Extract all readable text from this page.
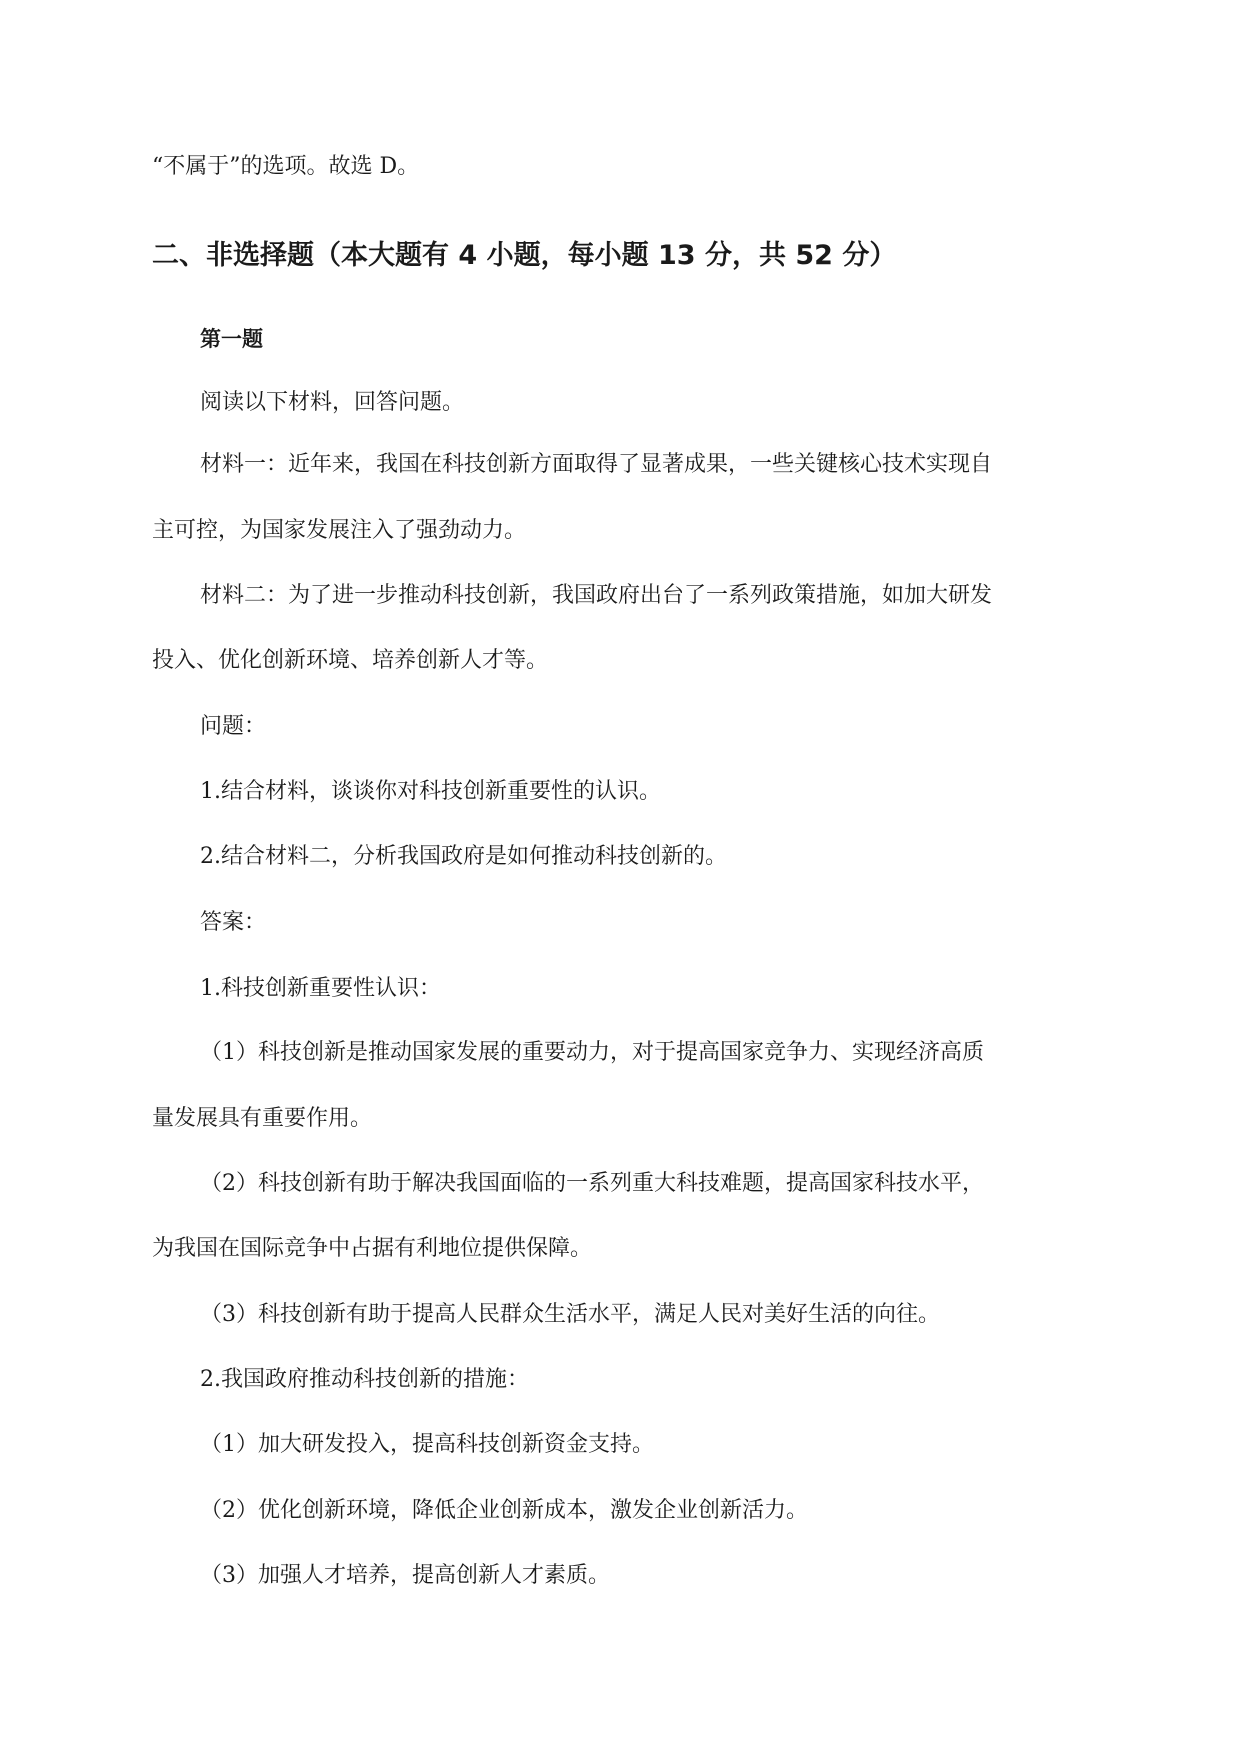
“不属于”的选项。故选 D。
二、非选择题（本大题有 4 小题，每小题 13 分，共 52 分）
第一题
阅读以下材料，回答问题。
材料一：近年来，我国在科技创新方面取得了显著成果，一些关键核心技术实现自
主可控，为国家发展注入了强劲动力。
材料二：为了进一步推动科技创新，我国政府出台了一系列政策措施，如加大研发
投入、优化创新环境、培养创新人才等。
问题：
1.结合材料，谈谈你对科技创新重要性的认识。
2.结合材料二，分析我国政府是如何推动科技创新的。
答案：
1.科技创新重要性认识：
（1）科技创新是推动国家发展的重要动力，对于提高国家竞争力、实现经济高质
量发展具有重要作用。
（2）科技创新有助于解决我国面临的一系列重大科技难题，提高国家科技水平，
为我国在国际竞争中占据有利地位提供保障。
（3）科技创新有助于提高人民群众生活水平，满足人民对美好生活的向往。
2.我国政府推动科技创新的措施：
（1）加大研发投入，提高科技创新资金支持。
（2）优化创新环境，降低企业创新成本，激发企业创新活力。
（3）加强人才培养，提高创新人才素质。
